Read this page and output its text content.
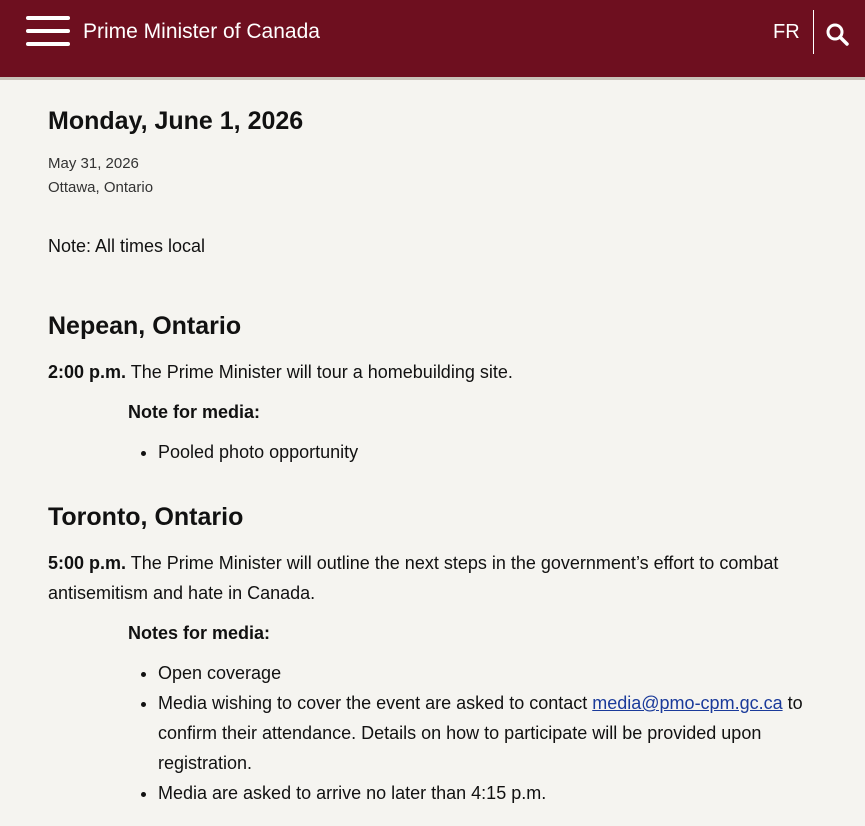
Prime Minister of Canada	FR
Monday, June 1, 2026
May 31, 2026
Ottawa, Ontario
Note: All times local
Nepean, Ontario

2:00 p.m. The Prime Minister will tour a homebuilding site.

Note for media:
• Pooled photo opportunity
Toronto, Ontario

5:00 p.m. The Prime Minister will outline the next steps in the government’s effort to combat antisemitism and hate in Canada.

Notes for media:
• Open coverage
• Media wishing to cover the event are asked to contact media@pmo-cpm.gc.ca to confirm their attendance. Details on how to participate will be provided upon registration.
• Media are asked to arrive no later than 4:15 p.m.
